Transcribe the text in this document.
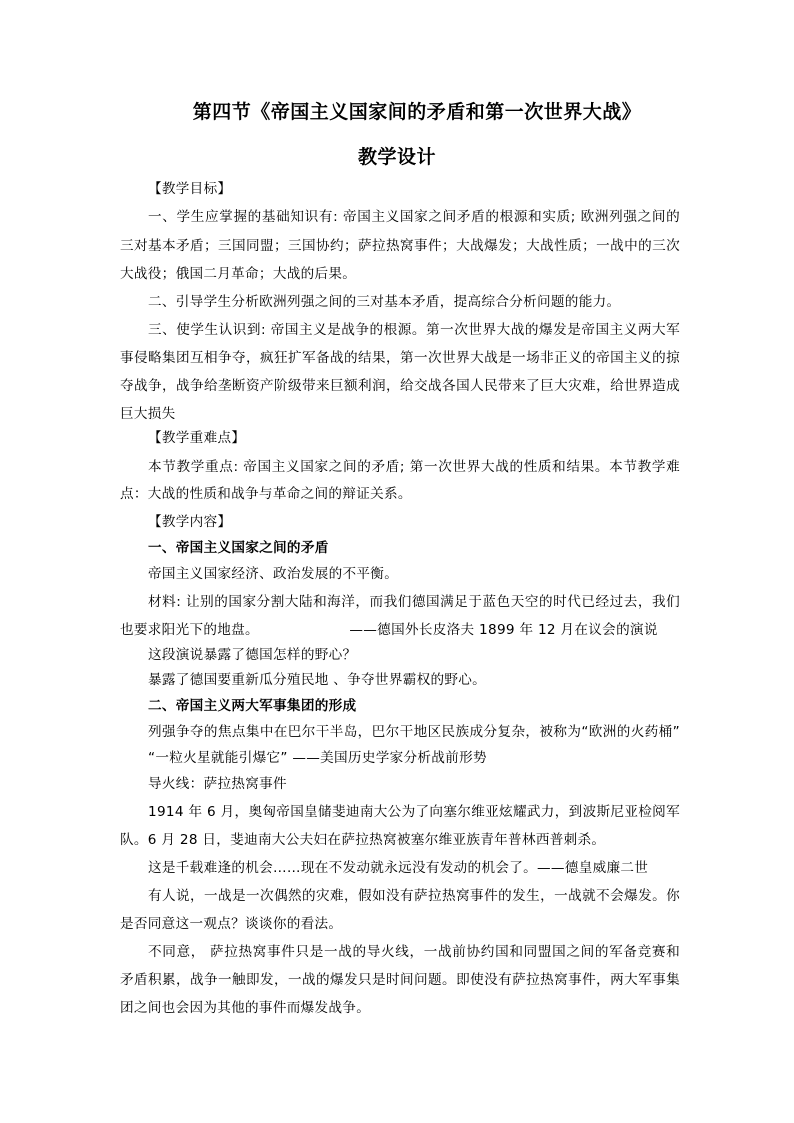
第四节《帝国主义国家间的矛盾和第一次世界大战》
教学设计
【教学目标】
一、学生应掌握的基础知识有: 帝国主义国家之间矛盾的根源和实质; 欧洲列强之间的
三对基本矛盾；三国同盟；三国协约；萨拉热窝事件；大战爆发；大战性质；一战中的三次
大战役；俄国二月革命；大战的后果。
二、引导学生分析欧洲列强之间的三对基本矛盾，提高综合分析问题的能力。
三、使学生认识到: 帝国主义是战争的根源。第一次世界大战的爆发是帝国主义两大军
事侵略集团互相争夺，疯狂扩军备战的结果，第一次世界大战是一场非正义的帝国主义的掠
夺战争，战争给垄断资产阶级带来巨额利润，给交战各国人民带来了巨大灾难，给世界造成
巨大损失
【教学重难点】
本节教学重点: 帝国主义国家之间的矛盾; 第一次世界大战的性质和结果。本节教学难
点：大战的性质和战争与革命之间的辩证关系。
【教学内容】
一、帝国主义国家之间的矛盾
帝国主义国家经济、政治发展的不平衡。
材料: 让别的国家分割大陆和海洋，而我们德国满足于蓝色天空的时代已经过去，我们
也要求阳光下的地盘。　　　　　　　——德国外长皮洛夫 1899 年 12 月在议会的演说
这段演说暴露了德国怎样的野心？
暴露了德国要重新瓜分殖民地 、争夺世界霸权的野心。
二、帝国主义两大军事集团的形成
列强争夺的焦点集中在巴尔干半岛，巴尔干地区民族成分复杂，被称为“欧洲的火药桶”
“一粒火星就能引爆它” ——美国历史学家分析战前形势
导火线：萨拉热窝事件
1914 年 6 月，奥匈帝国皇储斐迪南大公为了向塞尔维亚炫耀武力，到波斯尼亚检阅军
队。6 月 28 日，斐迪南大公夫妇在萨拉热窝被塞尔维亚族青年普林西普刺杀。
这是千载难逢的机会……现在不发动就永远没有发动的机会了。——德皇威廉二世
有人说，一战是一次偶然的灾难，假如没有萨拉热窝事件的发生，一战就不会爆发。你
是否同意这一观点？谈谈你的看法。
不同意， 萨拉热窝事件只是一战的导火线，一战前协约国和同盟国之间的军备竞赛和
矛盾积累，战争一触即发，一战的爆发只是时间问题。即使没有萨拉热窝事件，两大军事集
团之间也会因为其他的事件而爆发战争。
